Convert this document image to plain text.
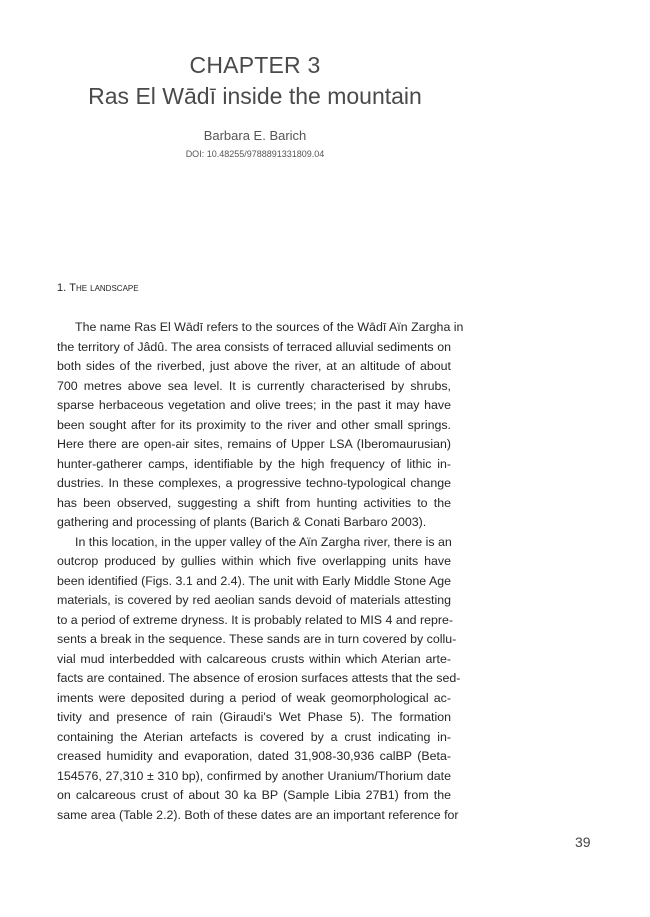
CHAPTER 3
Ras El Wādī inside the mountain
Barbara E. Barich
DOI: 10.48255/9788891331809.04
1. The landscape
The name Ras El Wādī refers to the sources of the Wādī Aïn Zargha in
the territory of Jâdû. The area consists of terraced alluvial sediments on
both sides of the riverbed, just above the river, at an altitude of about
700 metres above sea level. It is currently characterised by shrubs,
sparse herbaceous vegetation and olive trees; in the past it may have
been sought after for its proximity to the river and other small springs.
Here there are open-air sites, remains of Upper LSA (Iberomaurusian)
hunter-gatherer camps, identifiable by the high frequency of lithic in-
dustries. In these complexes, a progressive techno-typological change
has been observed, suggesting a shift from hunting activities to the
gathering and processing of plants (Barich & Conati Barbaro 2003).
In this location, in the upper valley of the Aïn Zargha river, there is an
outcrop produced by gullies within which five overlapping units have
been identified (Figs. 3.1 and 2.4). The unit with Early Middle Stone Age
materials, is covered by red aeolian sands devoid of materials attesting
to a period of extreme dryness. It is probably related to MIS 4 and repre-
sents a break in the sequence. These sands are in turn covered by collu-
vial mud interbedded with calcareous crusts within which Aterian arte-
facts are contained. The absence of erosion surfaces attests that the sed-
iments were deposited during a period of weak geomorphological ac-
tivity and presence of rain (Giraudi's Wet Phase 5). The formation
containing the Aterian artefacts is covered by a crust indicating in-
creased humidity and evaporation, dated 31,908-30,936 calBP (Beta-
154576, 27,310 ± 310 bp), confirmed by another Uranium/Thorium date
on calcareous crust of about 30 ka BP (Sample Libia 27B1) from the
same area (Table 2.2). Both of these dates are an important reference for
39
